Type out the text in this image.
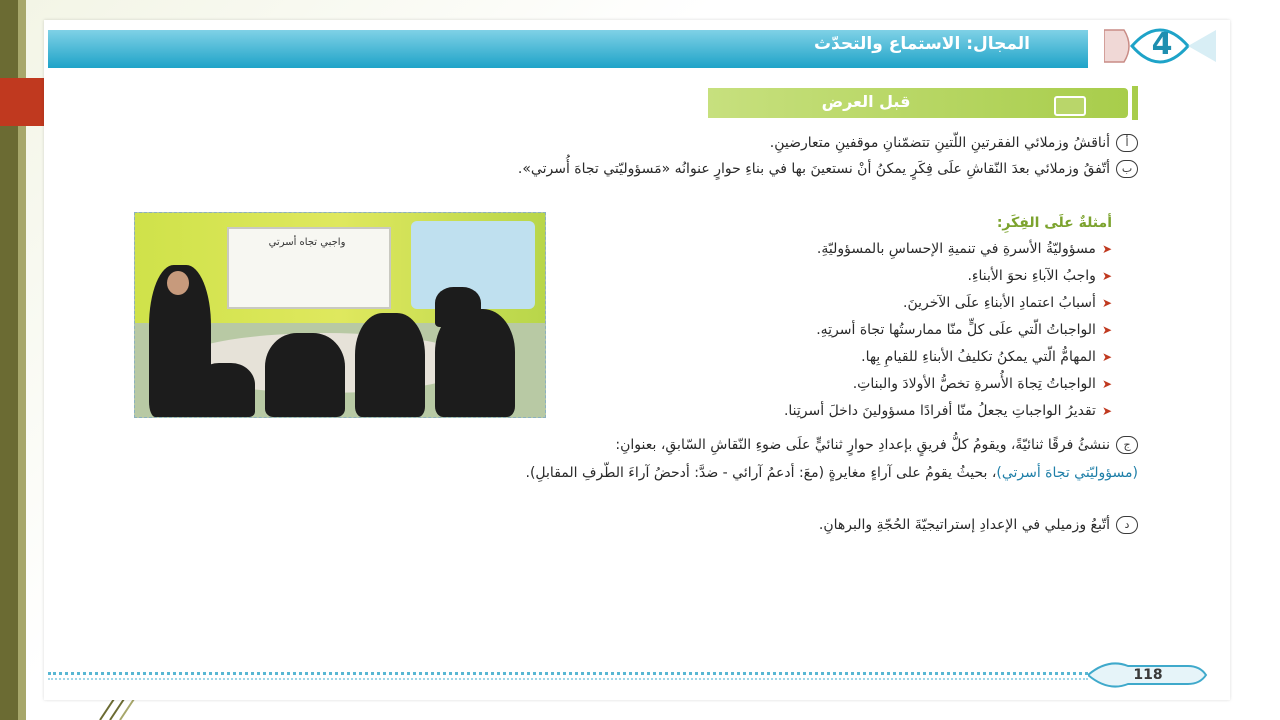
المجال: الاستماع والتحدّث	4
قبل العرض
أأناقشُ وزملائي الفقرتينِ اللّتينِ تتضمّنانِ موقفينِ متعارضينِ.
بأتّفقُ وزملائي بعدَ النّقاشِ علَى فِكَرٍ يمكنُ أنْ نستعينَ بها في بناءِ حوارٍ عنوانُه «مَسؤوليّتي تجاهَ أُسرتي».
أمثلةٌ علَى الفِكَرِ:
➤مسؤوليّةُ الأسرةِ في تنميةِ الإحساسِ بالمسؤوليّةِ.
➤واجبُ الآباءِ نحوَ الأبناءِ.
➤أسبابُ اعتمادِ الأبناءِ علَى الآخرينَ.
➤الواجباتُ الّتي علَى كلٍّ منّا ممارستُها تجاهَ أسرتِهِ.
➤المهامُّ الّتي يمكنُ تكليفُ الأبناءِ للقيامِ بِها.
➤الواجباتُ تِجاهَ الأُسرةِ تخصُّ الأولادَ والبناتِ.
➤تقديرُ الواجباتِ يجعلُ منّا أفرادًا مسؤولينَ داخلَ أسرتِنا.
واجبي تجاه أسرتي
جننشئُ فرقًا ثنائيّةً، ويقومُ كلُّ فريقٍ بإعدادِ حوارٍ ثنائيٍّ علَى ضوءِ النّقاشِ السّابقِ، بعنوانِ:
(مسؤوليّتي تجاهَ أسرتي)، بحيثُ يقومُ على آراءٍ مغايرةٍ (معَ: أدعمُ آرائي - ضدَّ: أدحضُ آراءَ الطّرفِ المقابلِ).
دأتّبعُ وزميلي في الإعدادِ إستراتيجيّةَ الحُجّةِ والبرهانِ.
118
